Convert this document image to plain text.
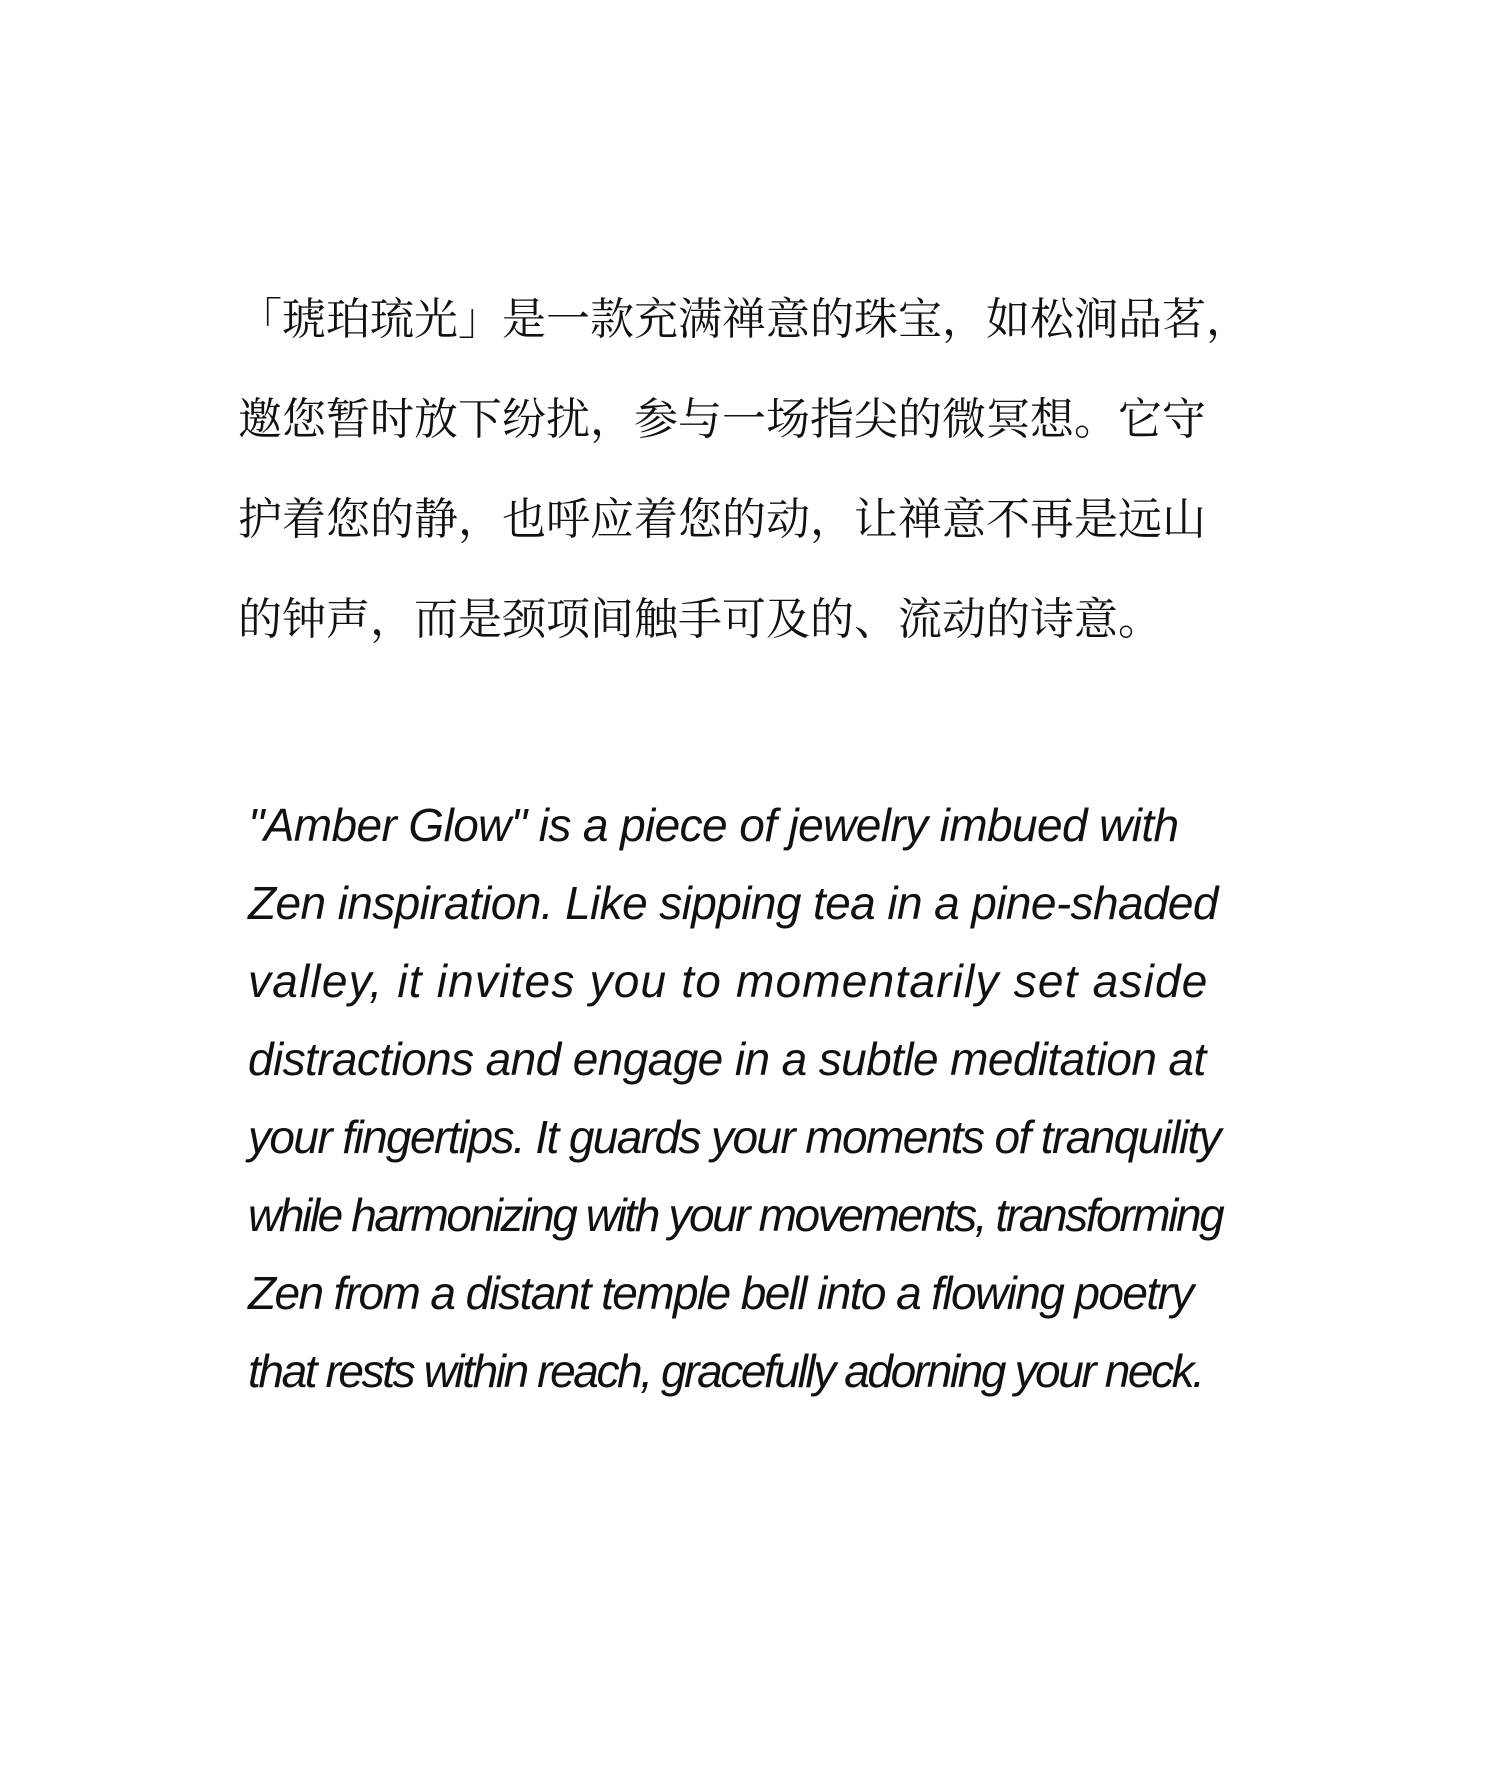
「琥珀琉光」是一款充满禅意的珠宝，如松涧品茗，
邀您暂时放下纷扰，参与一场指尖的微冥想。它守
护着您的静，也呼应着您的动，让禅意不再是远山
的钟声，而是颈项间触手可及的、流动的诗意。
"Amber Glow" is a piece of jewelry imbued with
Zen inspiration. Like sipping tea in a pine-shaded
valley, it invites you to momentarily set aside
distractions and engage in a subtle meditation at
your fingertips. It guards your moments of tranquility
while harmonizing with your movements, transforming
Zen from a distant temple bell into a flowing poetry
that rests within reach, gracefully adorning your neck.
